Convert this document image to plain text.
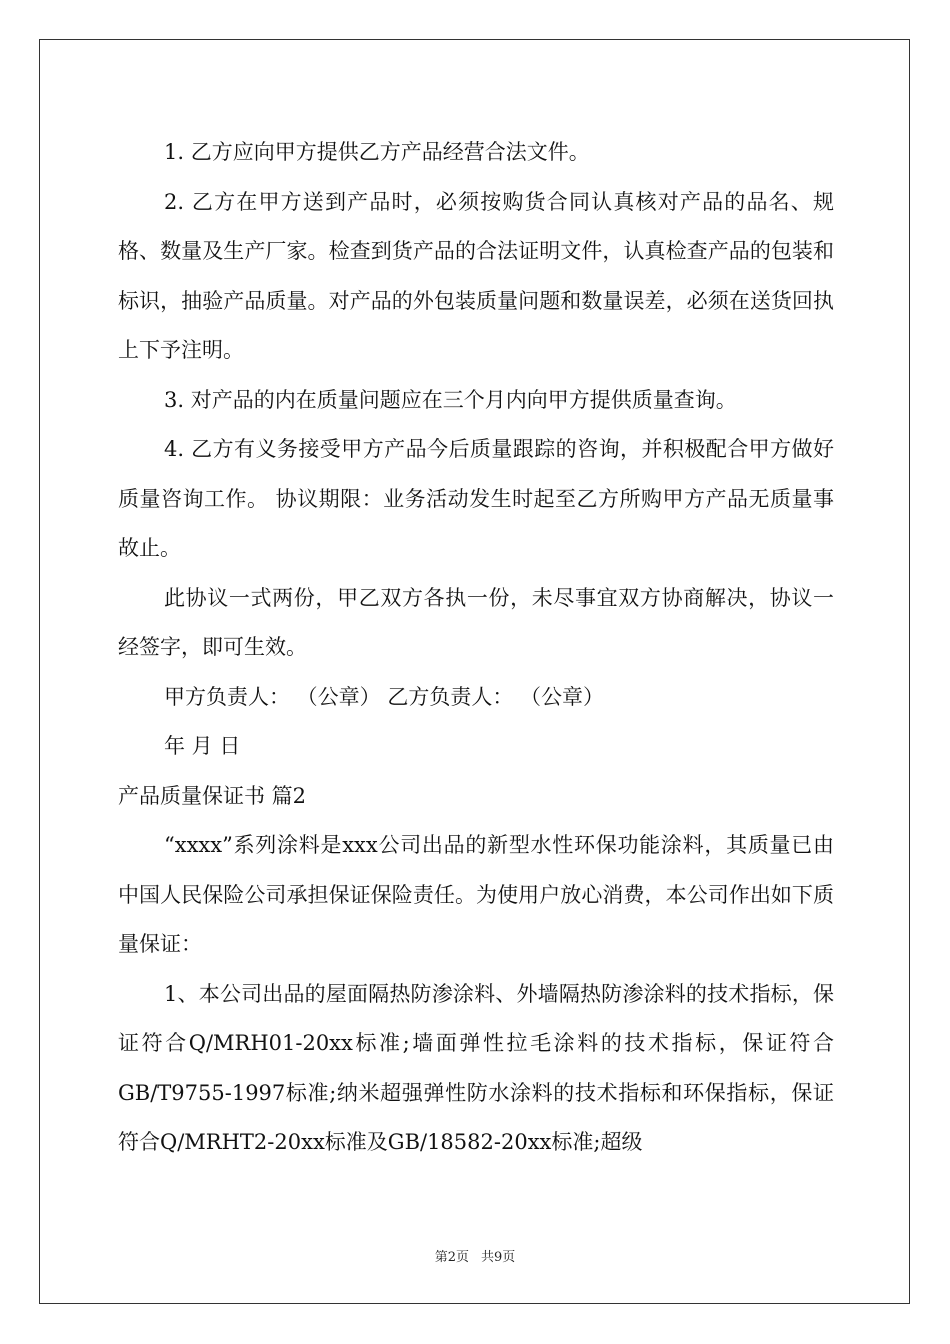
1. 乙方应向甲方提供乙方产品经营合法文件。

2. 乙方在甲方送到产品时，必须按购货合同认真核对产品的品名、规格、数量及生产厂家。检查到货产品的合法证明文件，认真检查产品的包装和标识，抽验产品质量。对产品的外包装质量问题和数量误差，必须在送货回执上下予注明。

3. 对产品的内在质量问题应在三个月内向甲方提供质量查询。

4. 乙方有义务接受甲方产品今后质量跟踪的咨询，并积极配合甲方做好质量咨询工作。 协议期限：业务活动发生时起至乙方所购甲方产品无质量事故止。

此协议一式两份，甲乙双方各执一份，未尽事宜双方协商解决，协议一经签字，即可生效。

甲方负责人： （公章） 乙方负责人： （公章）

年 月 日

产品质量保证书 篇2

“xxxx”系列涂料是xxx公司出品的新型水性环保功能涂料，其质量已由中国人民保险公司承担保证保险责任。为使用户放心消费，本公司作出如下质量保证：

1、本公司出品的屋面隔热防渗涂料、外墙隔热防渗涂料的技术指标，保证符合Q/MRH01-20xx标准;墙面弹性拉毛涂料的技术指标，保证符合GB/T9755-1997标准;纳米超强弹性防水涂料的技术指标和环保指标，保证符合Q/MRHT2-20xx标准及GB/18582-20xx标准;超级

第2页 共9页
